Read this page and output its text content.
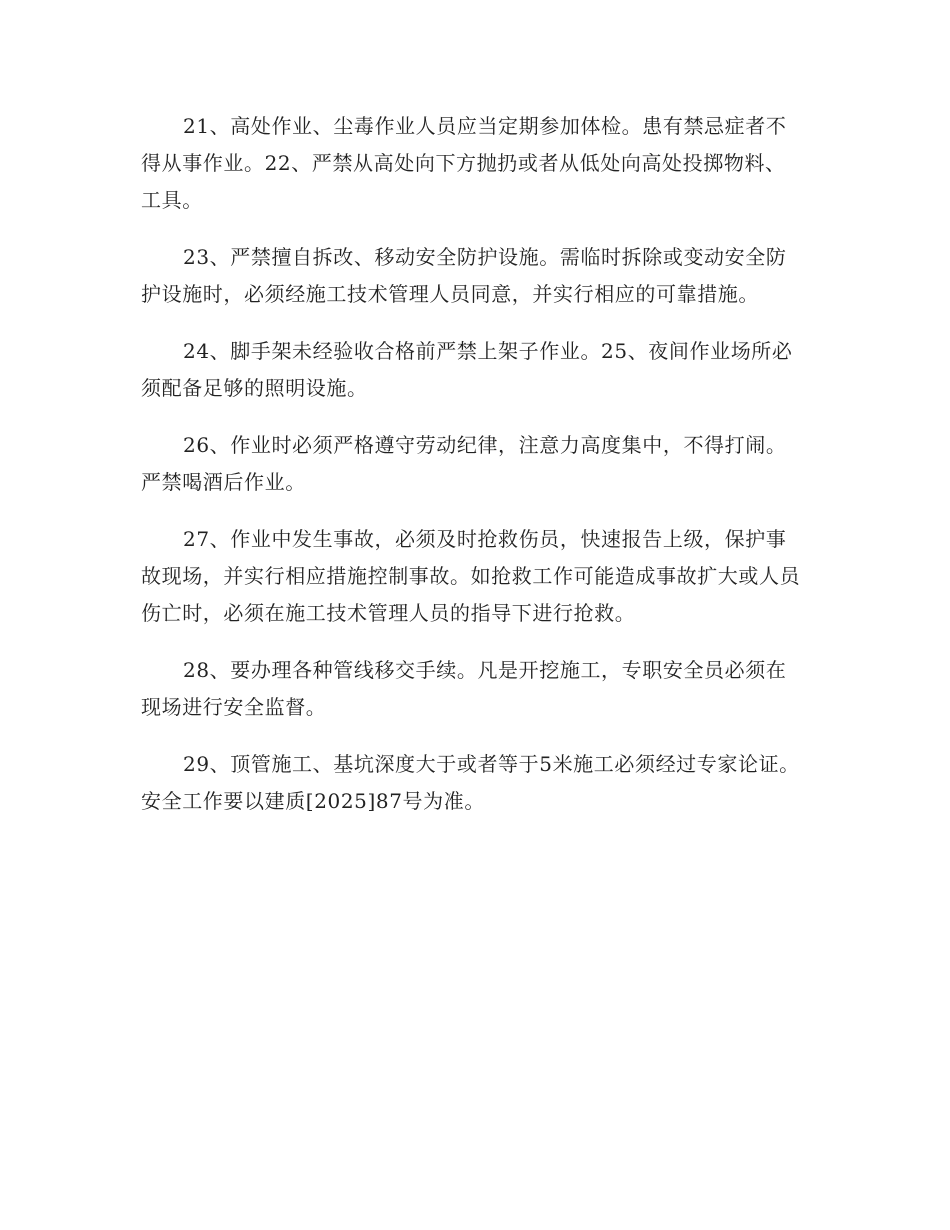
21、高处作业、尘毒作业人员应当定期参加体检。患有禁忌症者不得从事作业。22、严禁从高处向下方抛扔或者从低处向高处投掷物料、工具。

23、严禁擅自拆改、移动安全防护设施。需临时拆除或变动安全防护设施时，必须经施工技术管理人员同意，并实行相应的可靠措施。

24、脚手架未经验收合格前严禁上架子作业。25、夜间作业场所必须配备足够的照明设施。

26、作业时必须严格遵守劳动纪律，注意力高度集中，不得打闹。严禁喝酒后作业。

27、作业中发生事故，必须及时抢救伤员，快速报告上级，保护事故现场，并实行相应措施控制事故。如抢救工作可能造成事故扩大或人员伤亡时，必须在施工技术管理人员的指导下进行抢救。

28、要办理各种管线移交手续。凡是开挖施工，专职安全员必须在现场进行安全监督。

29、顶管施工、基坑深度大于或者等于5米施工必须经过专家论证。安全工作要以建质[2025]87号为准。
